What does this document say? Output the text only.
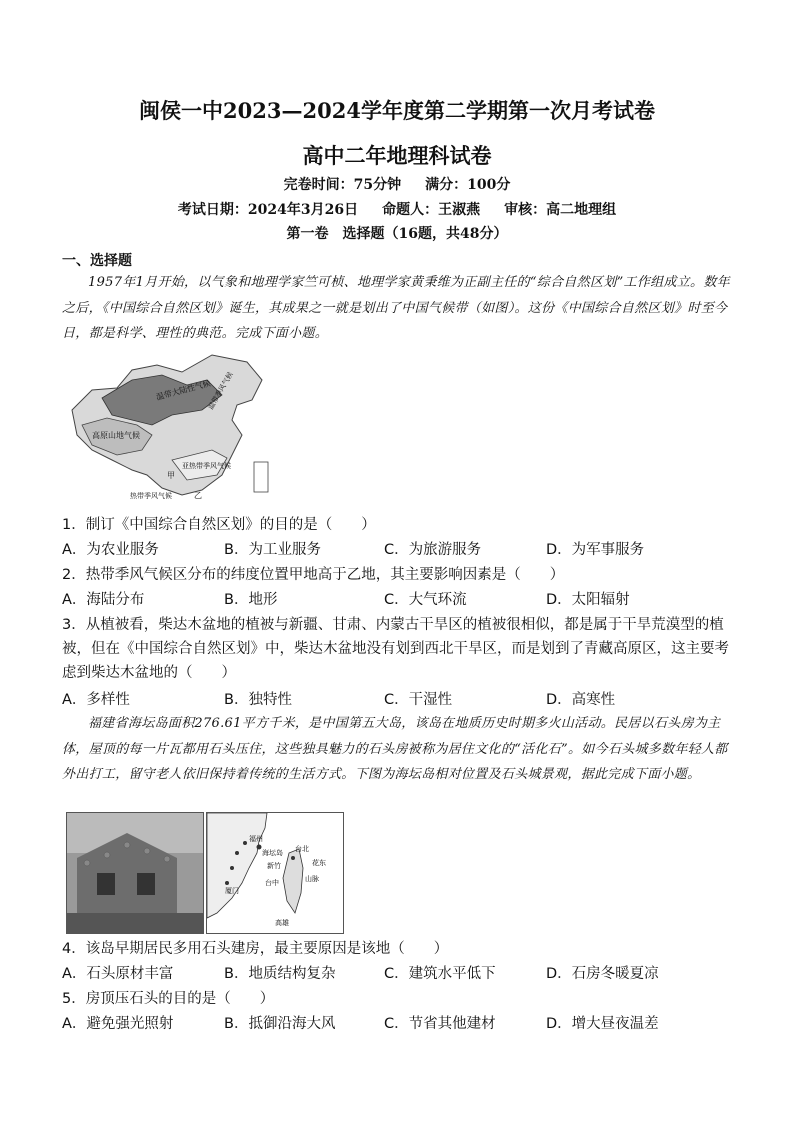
闽侯一中2023—2024学年度第二学期第一次月考试卷
高中二年地理科试卷
完卷时间：75分钟 满分：100分
考试日期：2024年3月26日 命题人：王淑燕 审核：高二地理组
第一卷　选择题（16题，共48分）
一、选择题
1957年1月开始，以气象和地理学家竺可桢、地理学家黄秉维为正副主任的“综合自然区划”工作组成立。数年之后，《中国综合自然区划》诞生，其成果之一就是划出了中国气候带（如图）。这份《中国综合自然区划》时至今日，都是科学、理性的典范。完成下面小题。
温带大陆性气候
高原山地气候
温带季风气候
亚热带季风气候
热带季风气候
甲
乙
1．制订《中国综合自然区划》的目的是（　　）
A．为农业服务	B．为工业服务	C．为旅游服务	D．为军事服务
2．热带季风气候区分布的纬度位置甲地高于乙地，其主要影响因素是（　　）
A．海陆分布	B．地形	C．大气环流	D．太阳辐射
3．从植被看，柴达木盆地的植被与新疆、甘肃、内蒙古干旱区的植被很相似，都是属于干旱荒漠型的植被，但在《中国综合自然区划》中，柴达木盆地没有划到西北干旱区，而是划到了青藏高原区，这主要考虑到柴达木盆地的（　　）
A．多样性	B．独特性	C．干湿性	D．高寒性
福建省海坛岛面积276.61平方千米，是中国第五大岛，该岛在地质历史时期多火山活动。民居以石头房为主体，屋顶的每一片瓦都用石头压住，这些独具魅力的石头房被称为居住文化的“活化石”。如今石头城多数年轻人都外出打工，留守老人依旧保持着传统的生活方式。下图为海坛岛相对位置及石头城景观，据此完成下面小题。
福州
海坛岛
厦门
台北
新竹
台中	山脉
花东
高雄
4．该岛早期居民多用石头建房，最主要原因是该地（　　）
A．石头原材丰富	B．地质结构复杂	C．建筑水平低下	D．石房冬暖夏凉
5．房顶压石头的目的是（　　）
A．避免强光照射	B．抵御沿海大风	C．节省其他建材	D．增大昼夜温差
